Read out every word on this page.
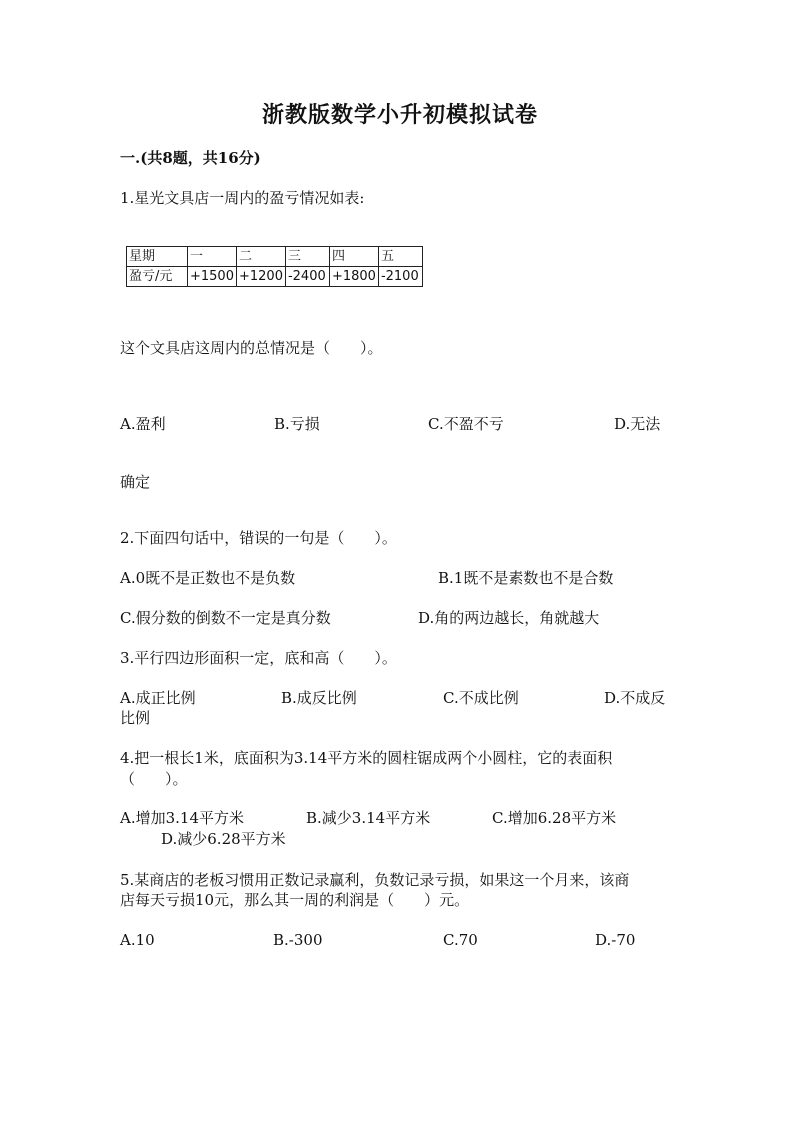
浙教版数学小升初模拟试卷
一.(共8题，共16分)
1.星光文具店一周内的盈亏情况如表:
星期	一	二	三	四	五
盈亏/元	+1500	+1200	-2400	+1800	-2100
这个文具店这周内的总情况是（　　）。
A.盈利	B.亏损	C.不盈不亏	D.无法
确定
2.下面四句话中，错误的一句是（　　）。
A.0既不是正数也不是负数	B.1既不是素数也不是合数
C.假分数的倒数不一定是真分数	D.角的两边越长，角就越大
3.平行四边形面积一定，底和高（　　）。
A.成正比例	B.成反比例	C.不成比例	D.不成反
比例
4.把一根长1米，底面积为3.14平方米的圆柱锯成两个小圆柱，它的表面积
（　　）。
A.增加3.14平方米	B.减少3.14平方米	C.增加6.28平方米
D.减少6.28平方米
5.某商店的老板习惯用正数记录赢利，负数记录亏损，如果这一个月来，该商
店每天亏损10元，那么其一周的利润是（　　）元。
A.10	B.-300	C.70	D.-70
